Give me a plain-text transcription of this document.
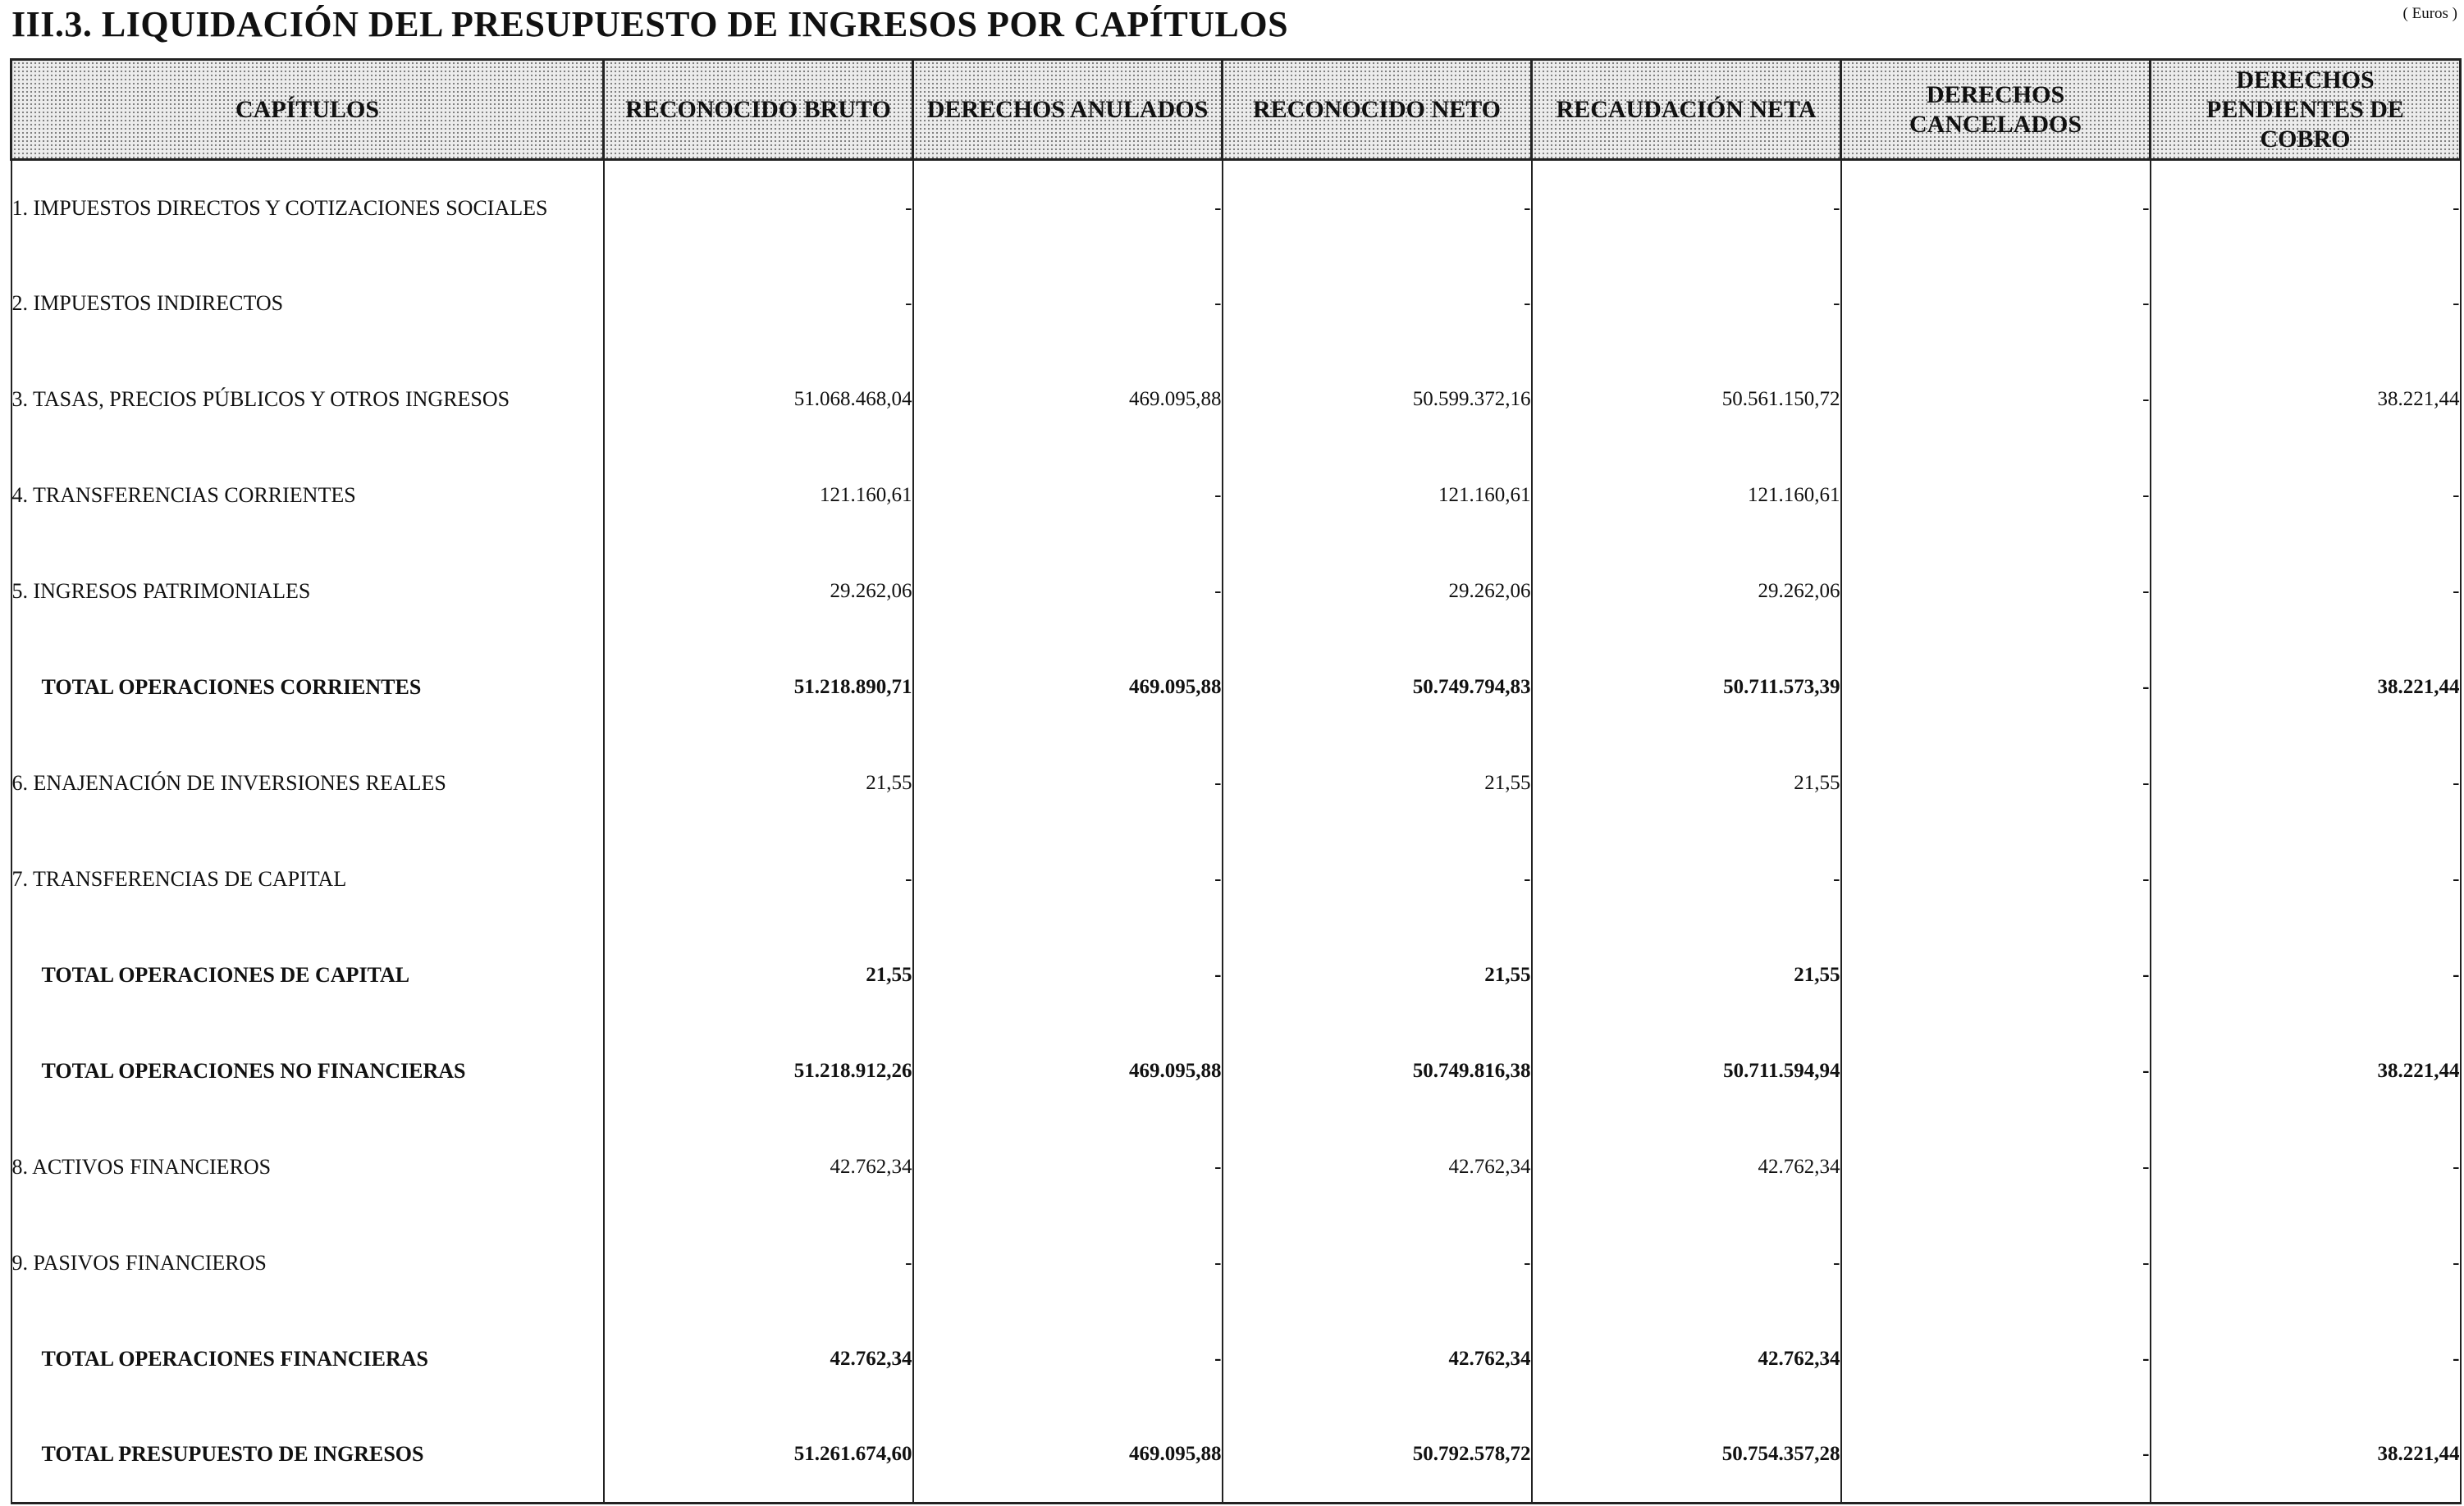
III.3. LIQUIDACIÓN DEL PRESUPUESTO DE INGRESOS POR CAPÍTULOS	( Euros )
CAPÍTULOS	RECONOCIDO BRUTO	DERECHOS ANULADOS	RECONOCIDO NETO	RECAUDACIÓN NETA	DERECHOS CANCELADOS	DERECHOS PENDIENTES DE COBRO
1. IMPUESTOS DIRECTOS Y COTIZACIONES SOCIALES	-	-	-	-	-	-
2. IMPUESTOS INDIRECTOS	-	-	-	-	-	-
3. TASAS, PRECIOS PÚBLICOS Y OTROS INGRESOS	51.068.468,04	469.095,88	50.599.372,16	50.561.150,72	-	38.221,44
4. TRANSFERENCIAS CORRIENTES	121.160,61	-	121.160,61	121.160,61	-	-
5. INGRESOS PATRIMONIALES	29.262,06	-	29.262,06	29.262,06	-	-
TOTAL OPERACIONES CORRIENTES	51.218.890,71	469.095,88	50.749.794,83	50.711.573,39	-	38.221,44
6. ENAJENACIÓN DE INVERSIONES REALES	21,55	-	21,55	21,55	-	-
7. TRANSFERENCIAS DE CAPITAL	-	-	-	-	-	-
TOTAL OPERACIONES DE CAPITAL	21,55	-	21,55	21,55	-	-
TOTAL OPERACIONES NO FINANCIERAS	51.218.912,26	469.095,88	50.749.816,38	50.711.594,94	-	38.221,44
8. ACTIVOS FINANCIEROS	42.762,34	-	42.762,34	42.762,34	-	-
9. PASIVOS FINANCIEROS	-	-	-	-	-	-
TOTAL OPERACIONES FINANCIERAS	42.762,34	-	42.762,34	42.762,34	-	-
TOTAL PRESUPUESTO DE INGRESOS	51.261.674,60	469.095,88	50.792.578,72	50.754.357,28	-	38.221,44
